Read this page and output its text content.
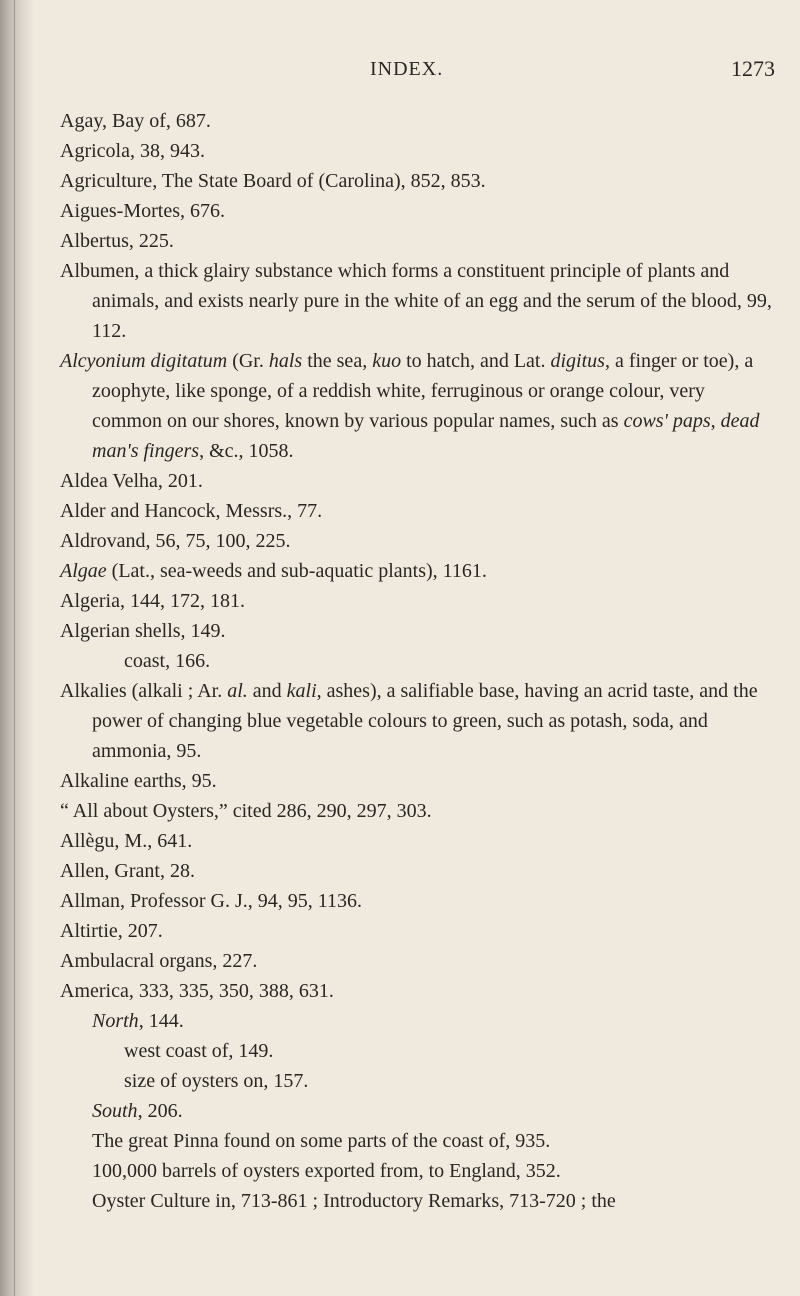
INDEX.	1273

Agay, Bay of, 687.

Agricola, 38, 943.

Agriculture, The State Board of (Carolina), 852, 853.

Aigues-Mortes, 676.

Albertus, 225.

Albumen, a thick glairy substance which forms a constituent principle of plants and animals, and exists nearly pure in the white of an egg and the serum of the blood, 99, 112.

Alcyonium digitatum (Gr. hals the sea, kuo to hatch, and Lat. digitus, a finger or toe), a zoophyte, like sponge, of a reddish white, ferruginous or orange colour, very common on our shores, known by various popular names, such as cows' paps, dead man's fingers, &c., 1058.

Aldea Velha, 201.

Alder and Hancock, Messrs., 77.

Aldrovand, 56, 75, 100, 225.

Algae (Lat., sea-weeds and sub-aquatic plants), 1161.

Algeria, 144, 172, 181.

Algerian shells, 149.

coast, 166.

Alkalies (alkali ; Ar. al. and kali, ashes), a salifiable base, having an acrid taste, and the power of changing blue vegetable colours to green, such as potash, soda, and ammonia, 95.

Alkaline earths, 95.

“ All about Oysters,” cited 286, 290, 297, 303.

Allègu, M., 641.

Allen, Grant, 28.

Allman, Professor G. J., 94, 95, 1136.

Altirtie, 207.

Ambulacral organs, 227.

America, 333, 335, 350, 388, 631.

North, 144.

west coast of, 149.

size of oysters on, 157.

South, 206.

The great Pinna found on some parts of the coast of, 935.

100,000 barrels of oysters exported from, to England, 352.

Oyster Culture in, 713-861 ; Introductory Remarks, 713-720 ; the
